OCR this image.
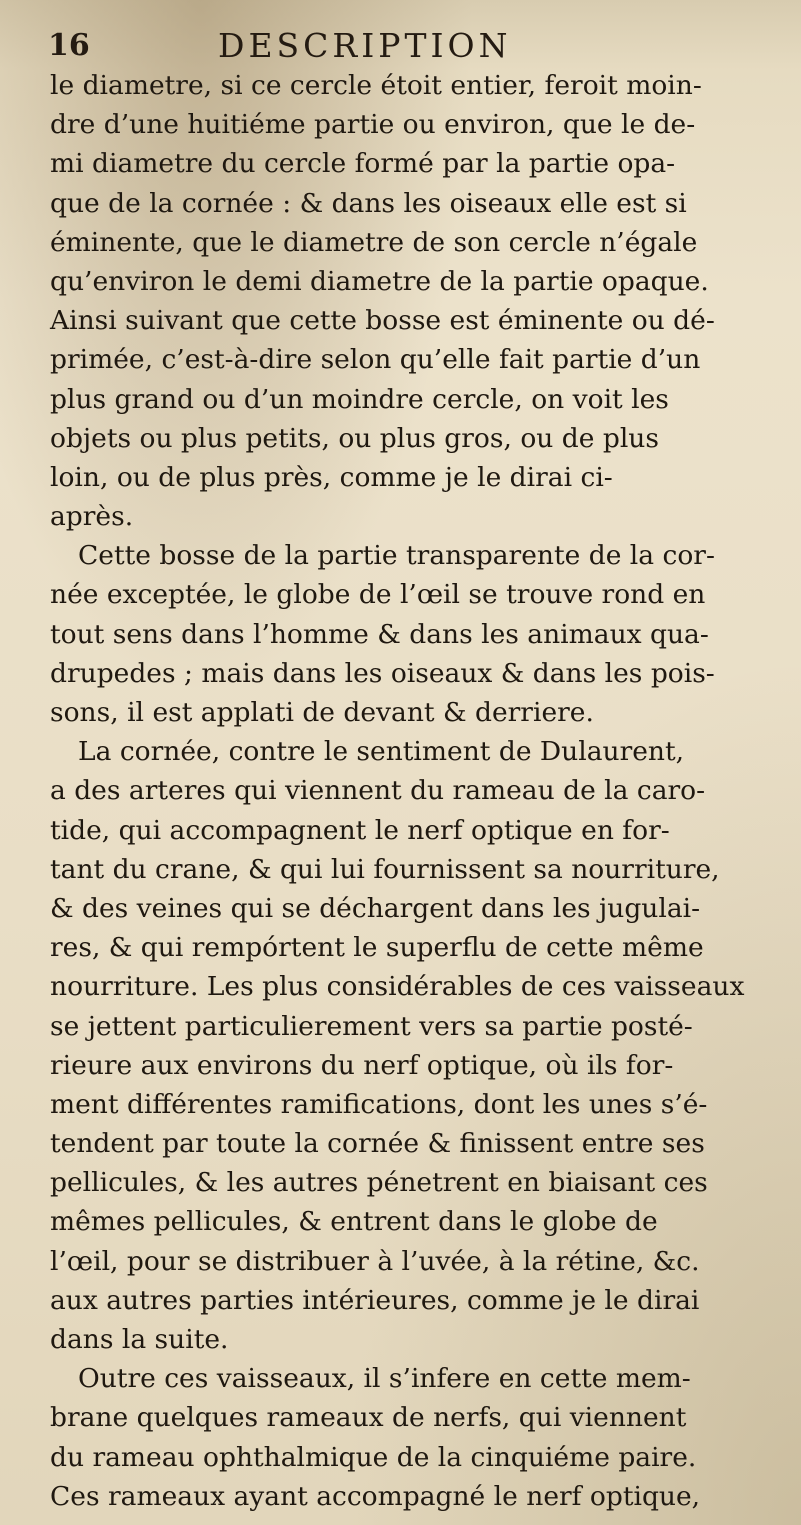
16	DESCRIPTION
le diametre, si ce cercle étoit entier, feroit moin-
dre d’une huitiéme partie ou environ, que le de-
mi diametre du cercle formé par la partie opa-
que de la cornée : & dans les oiseaux elle est si
éminente, que le diametre de son cercle n’égale
qu’environ le demi diametre de la partie opaque.
Ainsi suivant que cette bosse est éminente ou dé-
primée, c’est-à-dire selon qu’elle fait partie d’un
plus grand ou d’un moindre cercle, on voit les
objets ou plus petits, ou plus gros, ou de plus
loin, ou de plus près, comme je le dirai ci-
après.
Cette bosse de la partie transparente de la cor-
née exceptée, le globe de l’œil se trouve rond en
tout sens dans l’homme & dans les animaux qua-
drupedes ; mais dans les oiseaux & dans les pois-
sons, il est applati de devant & derriere.
La cornée, contre le sentiment de Dulaurent,
a des arteres qui viennent du rameau de la caro-
tide, qui accompagnent le nerf optique en for-
tant du crane, & qui lui fournissent sa nourriture,
& des veines qui se déchargent dans les jugulai-
res, & qui rempórtent le superflu de cette même
nourriture. Les plus considérables de ces vaisseaux
se jettent particulierement vers sa partie posté-
rieure aux environs du nerf optique, où ils for-
ment différentes ramifications, dont les unes s’é-
tendent par toute la cornée & finissent entre ses
pellicules, & les autres pénetrent en biaisant ces
mêmes pellicules, & entrent dans le globe de
l’œil, pour se distribuer à l’uvée, à la rétine, &c.
aux autres parties intérieures, comme je le dirai
dans la suite.
Outre ces vaisseaux, il s’infere en cette mem-
brane quelques rameaux de nerfs, qui viennent
du rameau ophthalmique de la cinquiéme paire.
Ces rameaux ayant accompagné le nerf optique,
